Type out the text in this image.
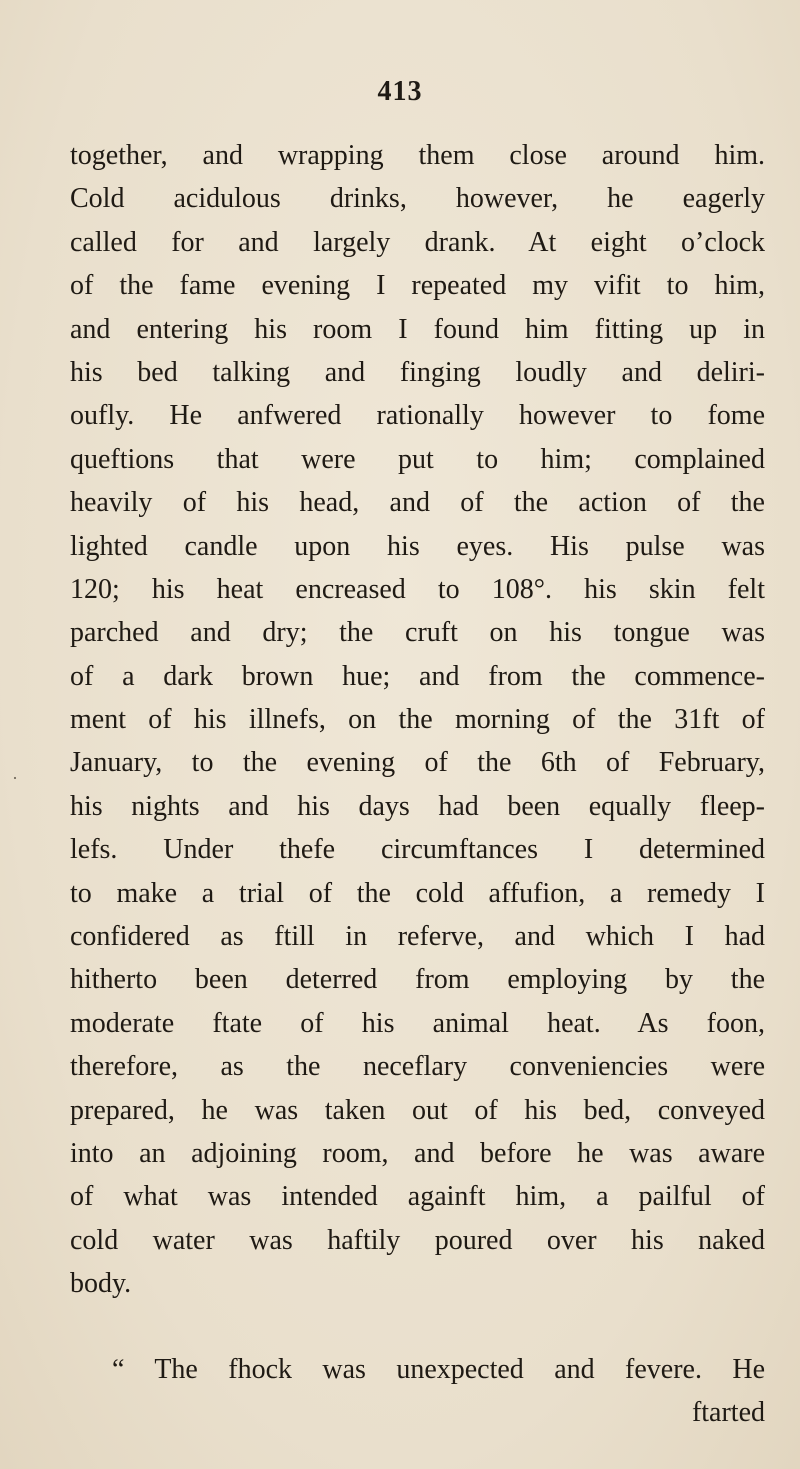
413
together, and wrapping them close around him.
Cold acidulous drinks, however, he eagerly
called for and largely drank. At eight o’clock
of the fame evening I repeated my vifit to him,
and entering his room I found him fitting up in
his bed talking and finging loudly and deliri-
oufly. He anfwered rationally however to fome
queftions that were put to him; complained
heavily of his head, and of the action of the
lighted candle upon his eyes. His pulse was
120; his heat encreased to 108°. his skin felt
parched and dry; the cruft on his tongue was
of a dark brown hue; and from the commence-
ment of his illnefs, on the morning of the 31ft of
January, to the evening of the 6th of February,
his nights and his days had been equally fleep-
lefs. Under thefe circumftances I determined
to make a trial of the cold affufion, a remedy I
confidered as ftill in referve, and which I had
hitherto been deterred from employing by the
moderate ftate of his animal heat. As foon,
therefore, as the neceflary conveniencies were
prepared, he was taken out of his bed, conveyed
into an adjoining room, and before he was aware
of what was intended againft him, a pailful of
cold water was haftily poured over his naked
body.
“ The fhock was unexpected and fevere. He
ftarted
·
